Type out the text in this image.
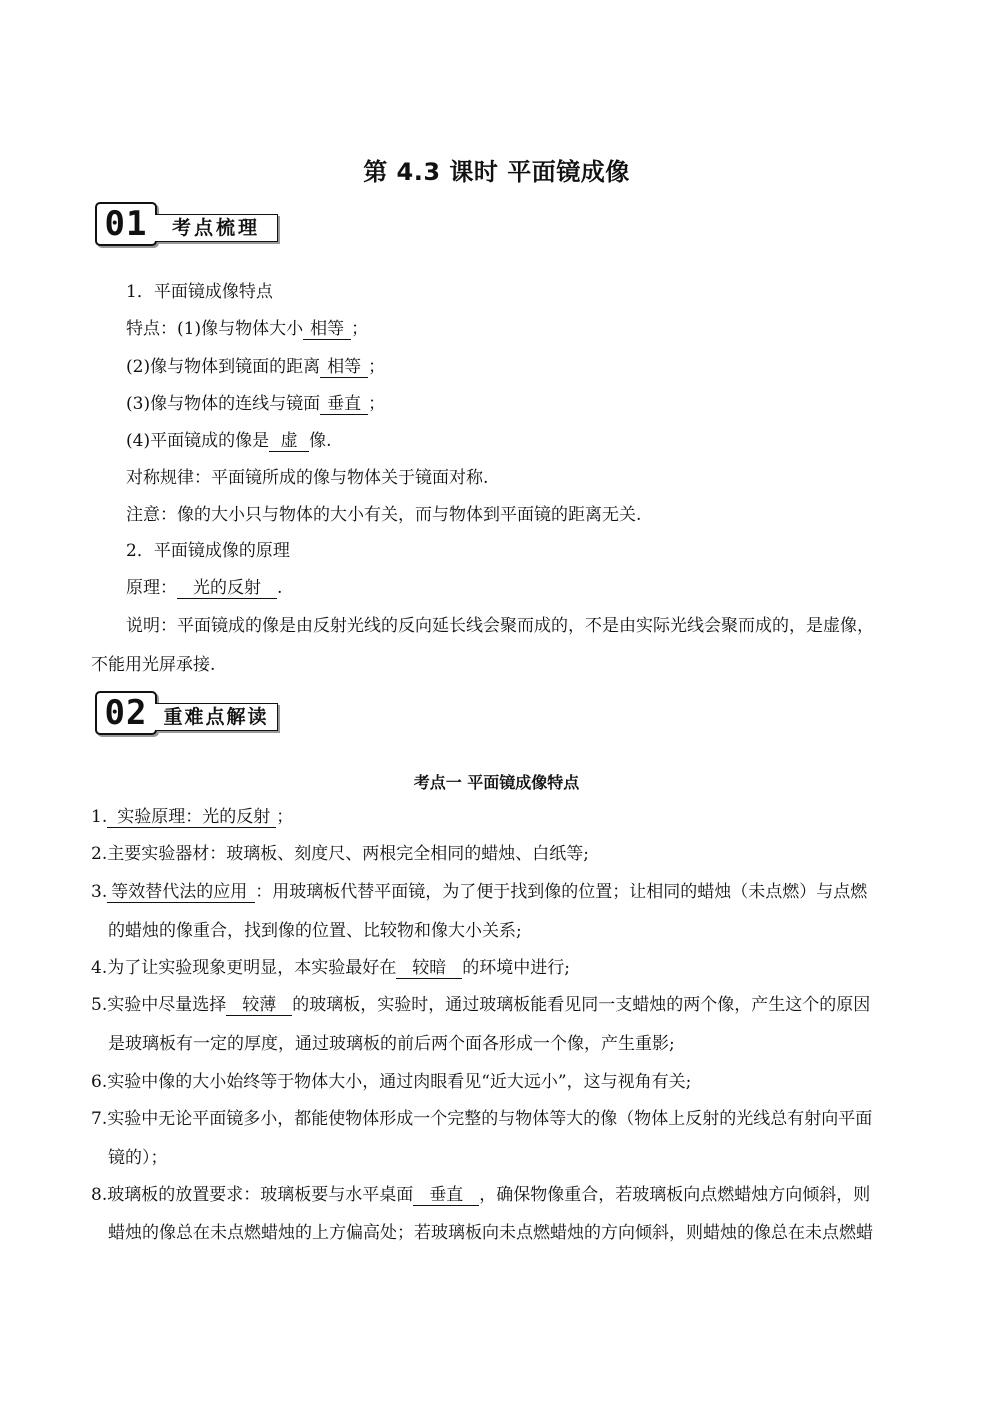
第 4.3 课时 平面镜成像
01	考点梳理
1．平面镜成像特点
特点：(1)像与物体大小 相等 ；
(2)像与物体到镜面的距离 相等 ；
(3)像与物体的连线与镜面 垂直 ；
(4)平面镜成的像是 虚 像.
对称规律：平面镜所成的像与物体关于镜面对称.
注意：像的大小只与物体的大小有关，而与物体到平面镜的距离无关.
2．平面镜成像的原理
原理： 光的反射 .
说明：平面镜成的像是由反射光线的反向延长线会聚而成的，不是由实际光线会聚而成的，是虚像，
不能用光屏承接.
02 重难点解读
考点一 平面镜成像特点
1. 实验原理：光的反射 ；
2.主要实验器材：玻璃板、刻度尺、两根完全相同的蜡烛、白纸等;
3. 等效替代法的应用 ：用玻璃板代替平面镜，为了便于找到像的位置；让相同的蜡烛（未点燃）与点燃
的蜡烛的像重合，找到像的位置、比较物和像大小关系;
4.为了让实验现象更明显，本实验最好在 较暗 的环境中进行;
5.实验中尽量选择 较薄 的玻璃板，实验时，通过玻璃板能看见同一支蜡烛的两个像，产生这个的原因
是玻璃板有一定的厚度，通过玻璃板的前后两个面各形成一个像，产生重影;
6.实验中像的大小始终等于物体大小，通过肉眼看见“近大远小”，这与视角有关;
7.实验中无论平面镜多小，都能使物体形成一个完整的与物体等大的像（物体上反射的光线总有射向平面
镜的）；
8.玻璃板的放置要求：玻璃板要与水平桌面 垂直 ，确保物像重合，若玻璃板向点燃蜡烛方向倾斜，则
蜡烛的像总在未点燃蜡烛的上方偏高处；若玻璃板向未点燃蜡烛的方向倾斜，则蜡烛的像总在未点燃蜡
